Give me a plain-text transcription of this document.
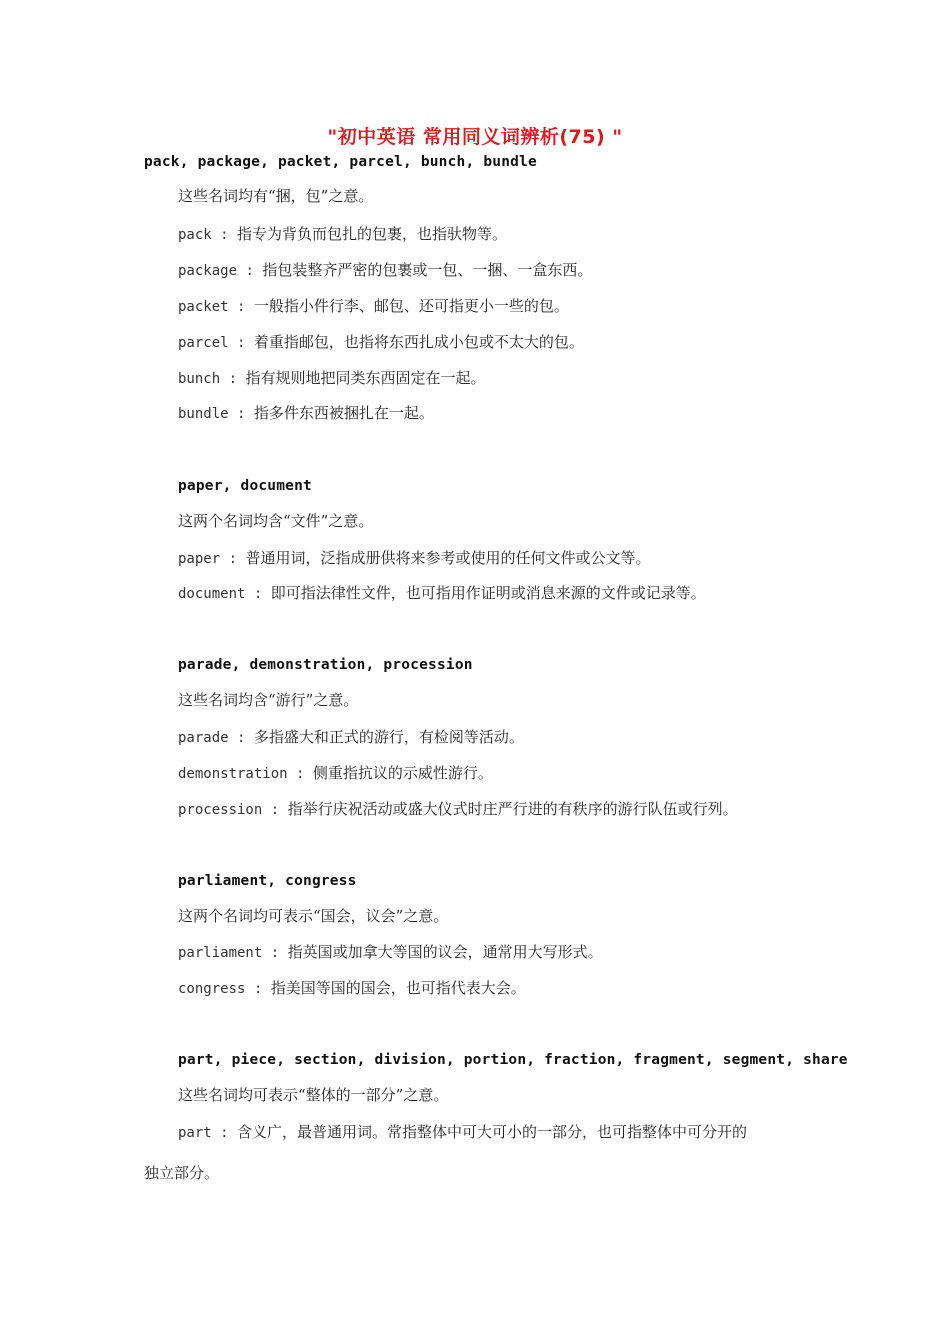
"初中英语 常用同义词辨析(75) "
pack, package, packet, parcel, bunch, bundle
这些名词均有“捆，包”之意。
pack : 指专为背负而包扎的包裹，也指驮物等。
package : 指包装整齐严密的包裹或一包、一捆、一盒东西。
packet : 一般指小件行李、邮包、还可指更小一些的包。
parcel : 着重指邮包，也指将东西扎成小包或不太大的包。
bunch : 指有规则地把同类东西固定在一起。
bundle : 指多件东西被捆扎在一起。
paper, document
这两个名词均含“文件”之意。
paper : 普通用词，泛指成册供将来参考或使用的任何文件或公文等。
document : 即可指法律性文件，也可指用作证明或消息来源的文件或记录等。
parade, demonstration, procession
这些名词均含“游行”之意。
parade : 多指盛大和正式的游行，有检阅等活动。
demonstration : 侧重指抗议的示威性游行。
procession : 指举行庆祝活动或盛大仪式时庄严行进的有秩序的游行队伍或行列。
parliament, congress
这两个名词均可表示“国会，议会”之意。
parliament : 指英国或加拿大等国的议会，通常用大写形式。
congress : 指美国等国的国会，也可指代表大会。
part, piece, section, division, portion, fraction, fragment, segment, share
这些名词均可表示“整体的一部分”之意。
part : 含义广，最普通用词。常指整体中可大可小的一部分，也可指整体中可分开的
独立部分。
